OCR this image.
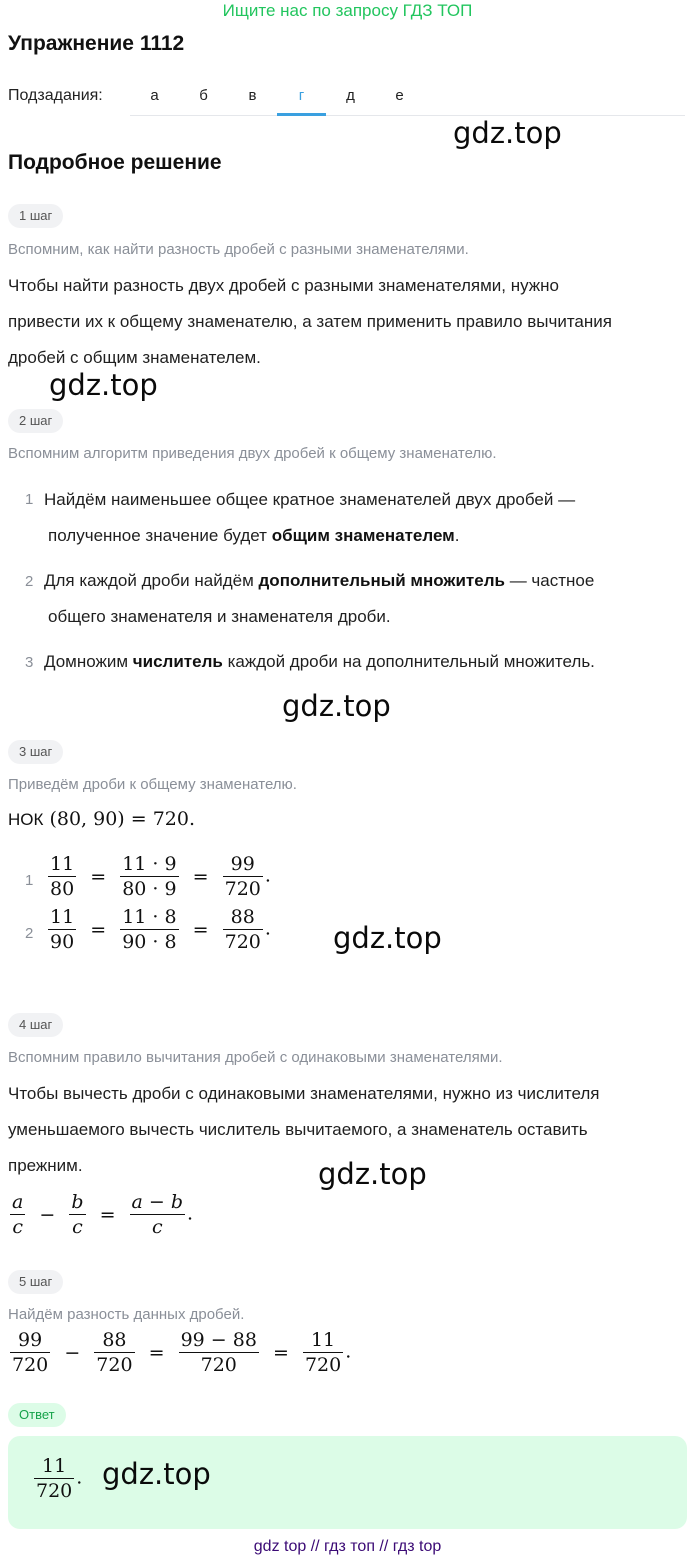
Ищите нас по запросу ГДЗ ТОП
Упражнение 1112
Подзадания:	а	б	в	г	д	е
gdz.top
Подробное решение
1 шаг
Вспомним, как найти разность дробей с разными знаменателями.
Чтобы найти разность двух дробей с разными знаменателями, нужно
привести их к общему знаменателю, а затем применить правило вычитания
дробей с общим знаменателем.
gdz.top
2 шаг
Вспомним алгоритм приведения двух дробей к общему знаменателю.
1 Найдём наименьшее общее кратное знаменателей двух дробей —
полученное значение будет общим знаменателем.
2 Для каждой дроби найдём дополнительный множитель — частное
общего знаменателя и знаменателя дроби.
3 Домножим числитель каждой дроби на дополнительный множитель.
gdz.top
3 шаг
Приведём дроби к общему знаменателю.
НОК (80, 90) = 720.
$1 \frac{11}{80} = \frac{11 \cdot 9}{80 \cdot 9} = \frac{99}{720}$ .
$2 \frac{11}{90} = \frac{11 \cdot 8}{90 \cdot 8} = \frac{88}{720}$ . gdz.top
4 шаг
Вспомним правило вычитания дробей с одинаковыми знаменателями.
Чтобы вычесть дроби с одинаковыми знаменателями, нужно из числителя
уменьшаемого вычесть числитель вычитаемого, а знаменатель оставить
прежним.	gdz.top
$\frac{a}{c} - \frac{b}{c} = \frac{a - b}{c}$ .
5 шаг
Найдём разность данных дробей.
$\frac{99}{720} - \frac{88}{720} = \frac{99 - 88}{720} = \frac{11}{720}$ .
Ответ
$\frac{11}{720}$ . gdz.top
gdz top // гдз топ // гдз top
